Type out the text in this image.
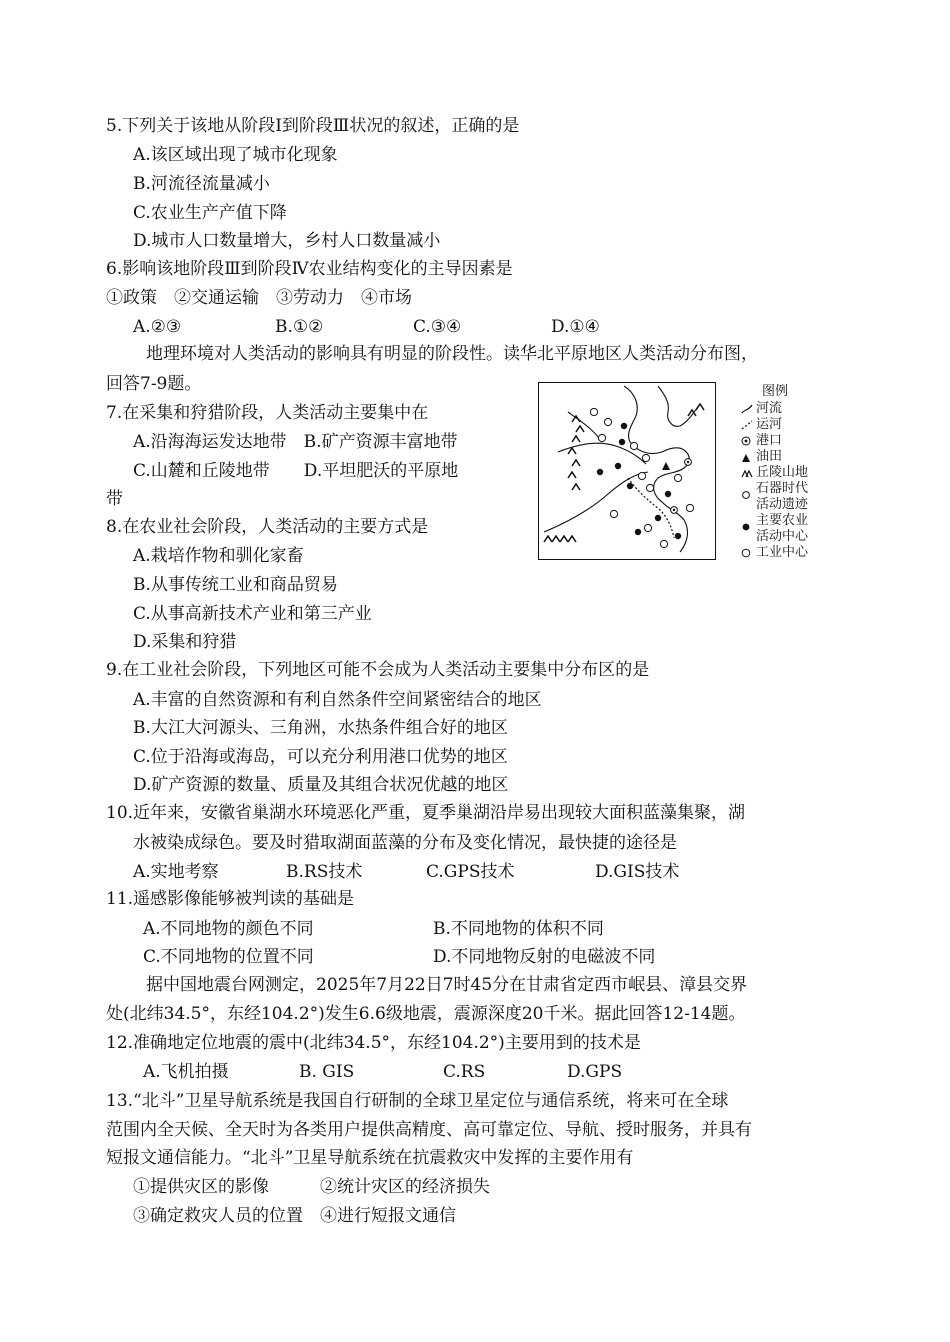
5.下列关于该地从阶段Ⅰ到阶段Ⅲ状况的叙述，正确的是
A.该区域出现了城市化现象
B.河流径流量减小
C.农业生产产值下降
D.城市人口数量增大，乡村人口数量减小
6.影响该地阶段Ⅲ到阶段Ⅳ农业结构变化的主导因素是
①政策　②交通运输　③劳动力　④市场
A.②③	B.①②	C.③④	D.①④
地理环境对人类活动的影响具有明显的阶段性。读华北平原地区人类活动分布图，
回答7-9题。
7.在采集和狩猎阶段，人类活动主要集中在
A.沿海海运发达地带　B.矿产资源丰富地带
C.山麓和丘陵地带　　D.平坦肥沃的平原地
带
8.在农业社会阶段，人类活动的主要方式是
A.栽培作物和驯化家畜
B.从事传统工业和商品贸易
C.从事高新技术产业和第三产业
D.采集和狩猎
9.在工业社会阶段，下列地区可能不会成为人类活动主要集中分布区的是
A.丰富的自然资源和有利自然条件空间紧密结合的地区
B.大江大河源头、三角洲，水热条件组合好的地区
C.位于沿海或海岛，可以充分利用港口优势的地区
D.矿产资源的数量、质量及其组合状况优越的地区
10.近年来，安徽省巢湖水环境恶化严重，夏季巢湖沿岸易出现较大面积蓝藻集聚，湖
水被染成绿色。要及时猎取湖面蓝藻的分布及变化情况，最快捷的途径是
A.实地考察	B.RS技术	C.GPS技术	D.GIS技术
11.遥感影像能够被判读的基础是
A.不同地物的颜色不同	B.不同地物的体积不同
C.不同地物的位置不同	D.不同地物反射的电磁波不同
据中国地震台网测定，2025年7月22日7时45分在甘肃省定西市岷县、漳县交界
处(北纬34.5°，东经104.2°)发生6.6级地震，震源深度20千米。据此回答12-14题。
12.准确地定位地震的震中(北纬34.5°，东经104.2°)主要用到的技术是
A.飞机拍摄	B. GIS	C.RS	D.GPS
13.“北斗”卫星导航系统是我国自行研制的全球卫星定位与通信系统，将来可在全球
范围内全天候、全天时为各类用户提供高精度、高可靠定位、导航、授时服务，并具有
短报文通信能力。“北斗”卫星导航系统在抗震救灾中发挥的主要作用有
①提供灾区的影像　　　②统计灾区的经济损失
③确定救灾人员的位置　④进行短报文通信
图例
河流
运河
港口
油田
丘陵山地
石器时代
活动遗迹
主要农业
活动中心
工业中心
